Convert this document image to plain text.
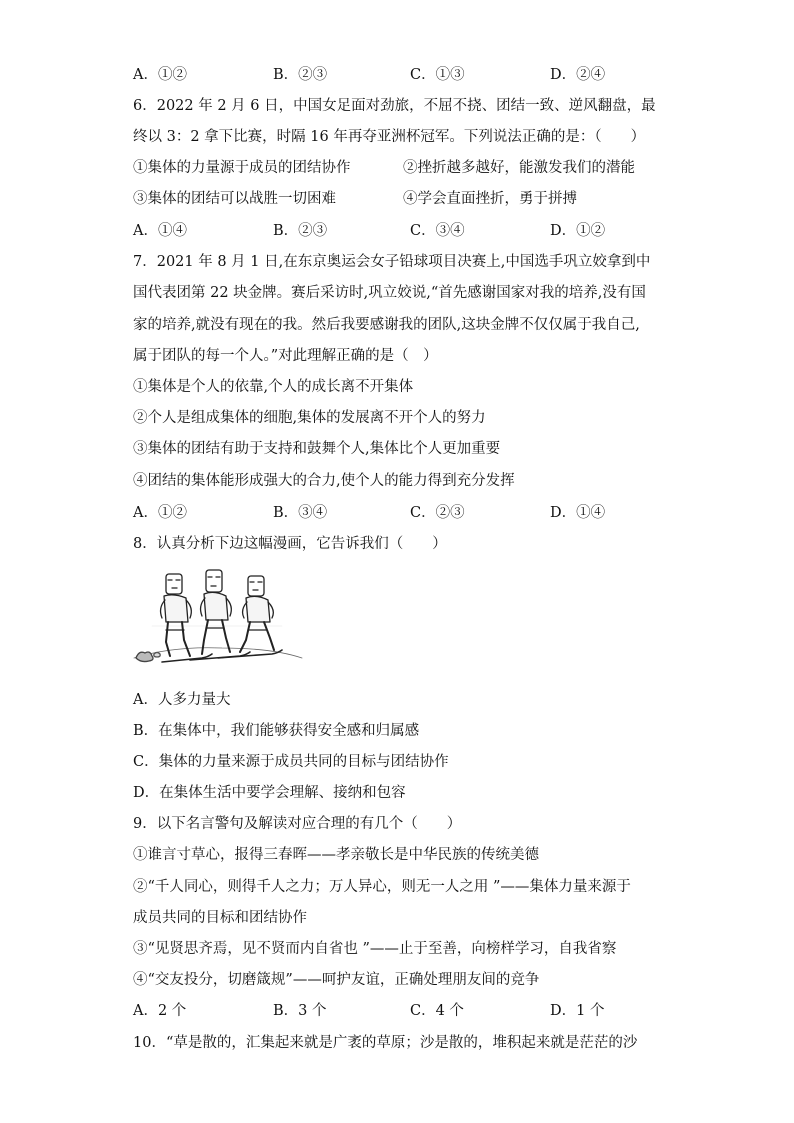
A．①②	B．②③	C．①③	D．②④
6．2022 年 2 月 6 日，中国女足面对劲旅，不屈不挠、团结一致、逆风翻盘，最
终以 3：2 拿下比赛，时隔 16 年再夺亚洲杯冠军。下列说法正确的是：（　　）
①集体的力量源于成员的团结协作	②挫折越多越好，能激发我们的潜能
③集体的团结可以战胜一切困难	④学会直面挫折，勇于拼搏
A．①④	B．②③	C．③④	D．①②
7．2021 年 8 月 1 日,在东京奥运会女子铅球项目决赛上,中国选手巩立姣拿到中
国代表团第 22 块金牌。赛后采访时,巩立姣说,“首先感谢国家对我的培养,没有国
家的培养,就没有现在的我。然后我要感谢我的团队,这块金牌不仅仅属于我自己,
属于团队的每一个人。”对此理解正确的是（　）
①集体是个人的依靠,个人的成长离不开集体
②个人是组成集体的细胞,集体的发展离不开个人的努力
③集体的团结有助于支持和鼓舞个人,集体比个人更加重要
④团结的集体能形成强大的合力,使个人的能力得到充分发挥
A．①②	B．③④	C．②③	D．①④
8．认真分析下边这幅漫画，它告诉我们（　　）
A．人多力量大
B．在集体中，我们能够获得安全感和归属感
C．集体的力量来源于成员共同的目标与团结协作
D．在集体生活中要学会理解、接纳和包容
9．以下名言警句及解读对应合理的有几个（　　）
①谁言寸草心，报得三春晖——孝亲敬长是中华民族的传统美德
②“千人同心，则得千人之力；万人异心，则无一人之用 ”——集体力量来源于
成员共同的目标和团结协作
③“见贤思齐焉，见不贤而内自省也 ”——止于至善，向榜样学习，自我省察
④“交友投分，切磨箴规”——呵护友谊，正确处理朋友间的竞争
A．2 个	B．3 个	C．4 个	D．1 个
10．“草是散的，汇集起来就是广袤的草原；沙是散的，堆积起来就是茫茫的沙
